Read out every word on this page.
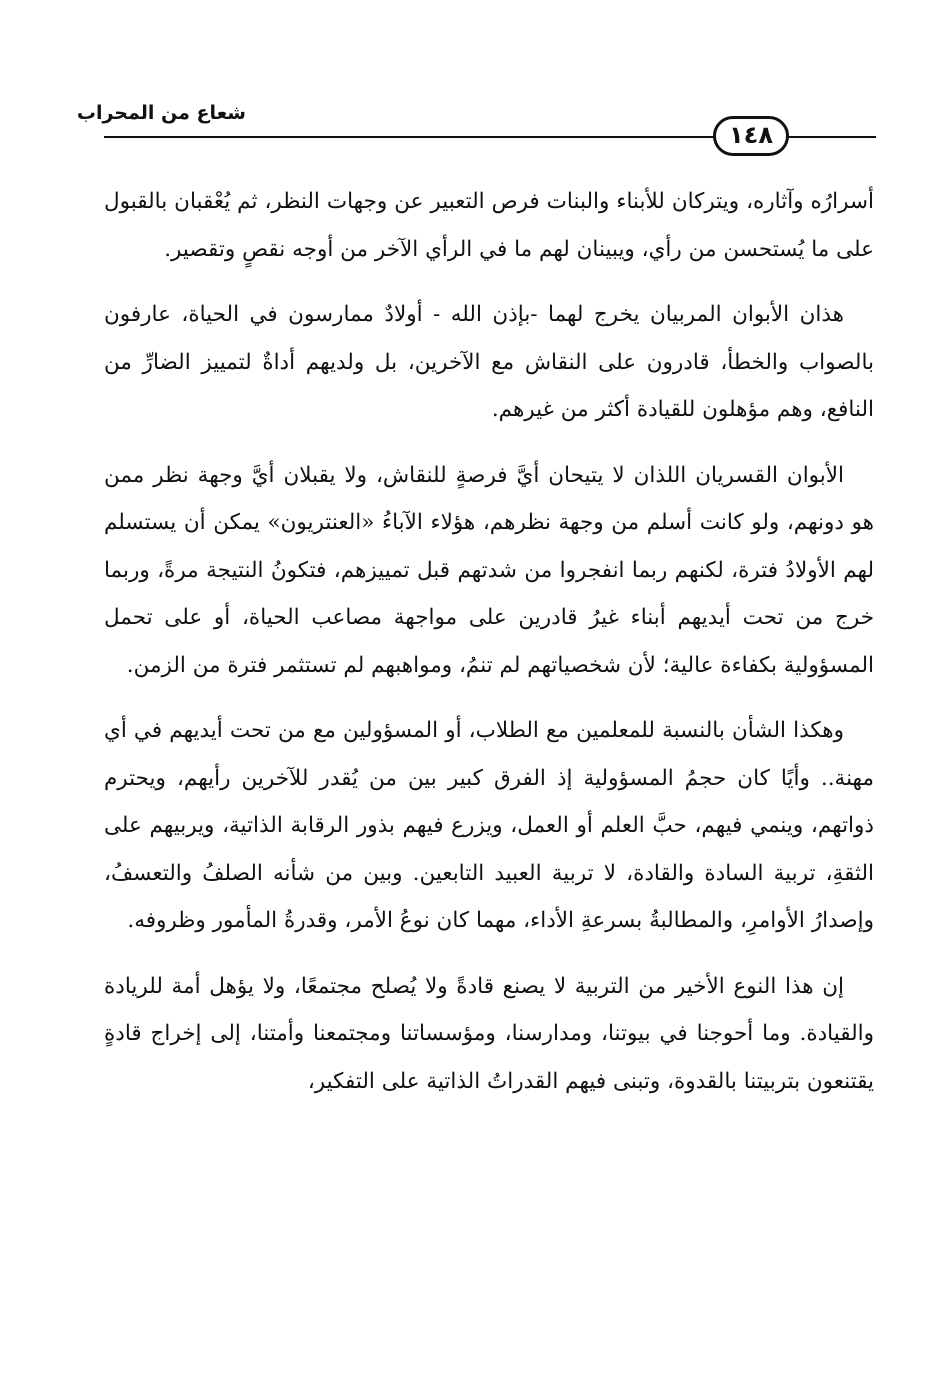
شعاع من المحراب
١٤٨

أسرارُه وآثاره، ويتركان للأبناء والبنات فرص التعبير عن وجهات النظر، ثم يُعْقبان بالقبول على ما يُستحسن من رأي، ويبينان لهم ما في الرأي الآخر من أوجه نقصٍ وتقصير.

هذان الأبوان المربيان يخرج لهما -بإذن الله - أولادٌ ممارسون في الحياة، عارفون بالصواب والخطأ، قادرون على النقاش مع الآخرين، بل ولديهم أداةٌ لتمييز الضارِّ من النافع، وهم مؤهلون للقيادة أكثر من غيرهم.

الأبوان القسريان اللذان لا يتيحان أيَّ فرصةٍ للنقاش، ولا يقبلان أيَّ وجهة نظر ممن هو دونهم، ولو كانت أسلم من وجهة نظرهم، هؤلاء الآباءُ «العنتريون» يمكن أن يستسلم لهم الأولادُ فترة، لكنهم ربما انفجروا من شدتهم قبل تمييزهم، فتكونُ النتيجة مرةً، وربما خرج من تحت أيديهم أبناء غيرُ قادرين على مواجهة مصاعب الحياة، أو على تحمل المسؤولية بكفاءة عالية؛ لأن شخصياتهم لم تنمُ، ومواهبهم لم تستثمر فترة من الزمن.

وهكذا الشأن بالنسبة للمعلمين مع الطلاب، أو المسؤولين مع من تحت أيديهم في أي مهنة.. وأيًا كان حجمُ المسؤولية إذ الفرق كبير بين من يُقدر للآخرين رأيهم، ويحترم ذواتهم، وينمي فيهم، حبَّ العلم أو العمل، ويزرع فيهم بذور الرقابة الذاتية، ويربيهم على الثقةِ، تربية السادة والقادة، لا تربية العبيد التابعين. وبين من شأنه الصلفُ والتعسفُ، وإصدارُ الأوامرِ، والمطالبةُ بسرعةِ الأداء، مهما كان نوعُ الأمر، وقدرةُ المأمور وظروفه.

إن هذا النوع الأخير من التربية لا يصنع قادةً ولا يُصلح مجتمعًا، ولا يؤهل أمة للريادة والقيادة. وما أحوجنا في بيوتنا، ومدارسنا، ومؤسساتنا ومجتمعنا وأمتنا، إلى إخراج قادةٍ يقتنعون بتربيتنا بالقدوة، وتبنى فيهم القدراتُ الذاتية على التفكير،
